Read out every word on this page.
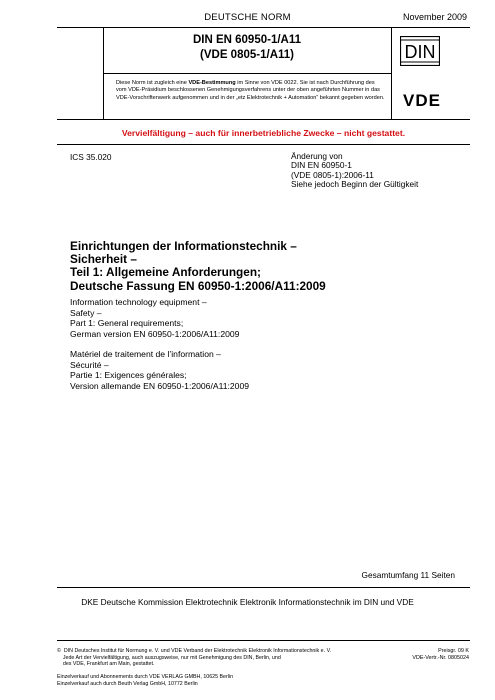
DEUTSCHE NORM	November 2009
DIN EN 60950-1/A11
(VDE 0805-1/A11)
Diese Norm ist zugleich eine VDE-Bestimmung im Sinne von VDE 0022. Sie ist nach Durchführung des vom VDE-Präsidium beschlossenen Genehmigungsverfahrens unter der oben angeführten Nummer in das VDE-Vorschriftenwerk aufgenommen und in der „etz Elektrotechnik + Automation“ bekannt gegeben worden.
DIN
VDE
Vervielfältigung – auch für innerbetriebliche Zwecke – nicht gestattet.
ICS 35.020	Änderung von
DIN EN 60950-1
(VDE 0805-1):2006-11
Siehe jedoch Beginn der Gültigkeit
Einrichtungen der Informationstechnik –
Sicherheit –
Teil 1: Allgemeine Anforderungen;
Deutsche Fassung EN 60950-1:2006/A11:2009
Information technology equipment –
Safety –
Part 1: General requirements;
German version EN 60950-1:2006/A11:2009
Matériel de traitement de l’information –
Sécurité –
Partie 1: Exigences générales;
Version allemande EN 60950-1:2006/A11:2009
Gesamtumfang 11 Seiten
DKE Deutsche Kommission Elektrotechnik Elektronik Informationstechnik im DIN und VDE
©  DIN Deutsches Institut für Normung e. V. und VDE Verband der Elektrotechnik Elektronik Informationstechnik e. V.
Jede Art der Vervielfältigung, auch auszugsweise, nur mit Genehmigung des DIN, Berlin, und
des VDE, Frankfurt am Main, gestattet.
Preisgr. 09 K
VDE-Vertr.-Nr. 0805024
Einzelverkauf und Abonnements durch VDE VERLAG GMBH, 10625 Berlin
Einzelverkauf auch durch Beuth Verlag GmbH, 10772 Berlin
